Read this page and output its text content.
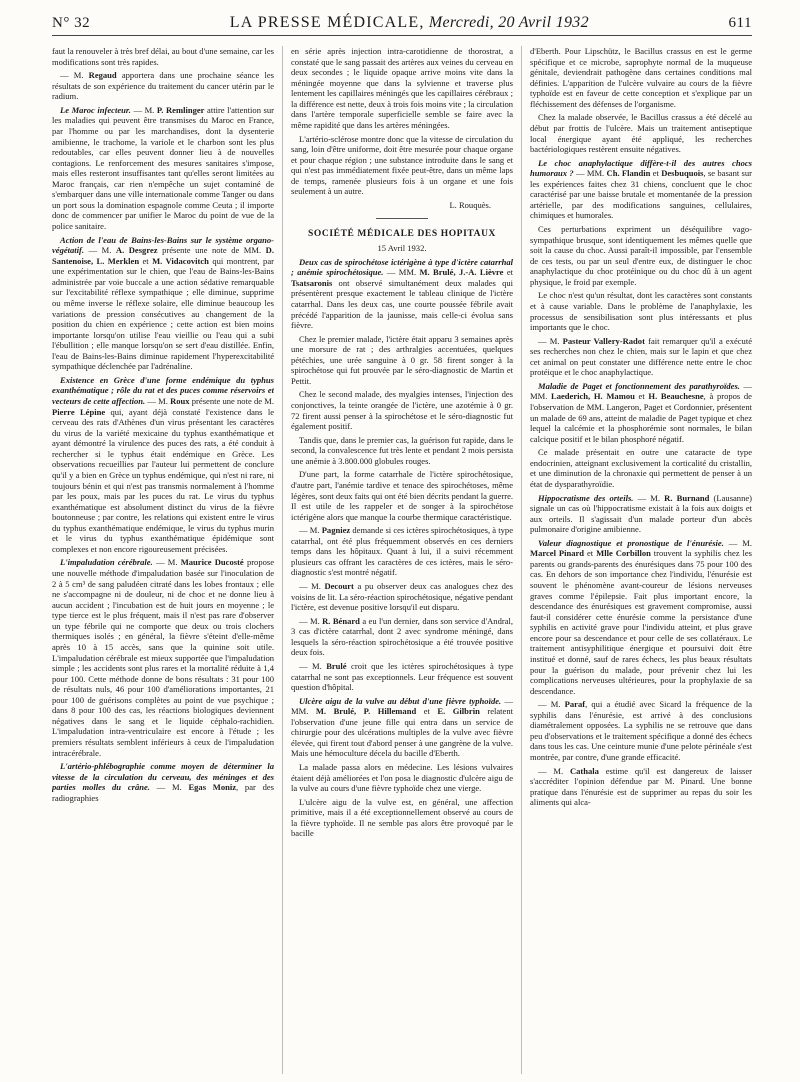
N° 32	LA PRESSE MÉDICALE, Mercredi, 20 Avril 1932	611

faut la renouveler à très bref délai, au bout d'une semaine, car les modifications sont très rapides.

— M. Regaud apportera dans une prochaine séance les résultats de son expérience du traitement du cancer utérin par le radium.

Le Maroc infecteur. — M. P. Remlinger attire l'attention sur les maladies qui peuvent être transmises du Maroc en France, par l'homme ou par les marchandises, dont la dysenterie amibienne, le trachome, la variole et le charbon sont les plus redoutables, car elles peuvent donner lieu à de nouvelles contagions. Le renforcement des mesures sanitaires s'impose, mais elles resteront insuffisantes tant qu'elles seront limitées au Maroc français, car rien n'empêche un sujet contaminé de s'embarquer dans une ville internationale comme Tanger ou dans un port sous la domination espagnole comme Ceuta ; il importe donc de commencer par unifier le Maroc du point de vue de la police sanitaire.

Action de l'eau de Bains-les-Bains sur le système organo-végétatif. — M. A. Desgrez présente une note de MM. D. Santenoise, L. Merklen et M. Vidacovitch qui montrent, par une expérimentation sur le chien, que l'eau de Bains-les-Bains administrée par voie buccale a une action sédative remarquable sur l'excitabilité réflexe sympathique ; elle diminue, supprime ou même inverse le réflexe solaire, elle diminue beaucoup les variations de pression consécutives au changement de la position du chien en expérience ; cette action est bien moins importante lorsqu'on utilise l'eau vieillie ou l'eau qui a subi l'ébullition ; elle manque lorsqu'on se sert d'eau distillée. Enfin, l'eau de Bains-les-Bains diminue rapidement l'hyperexcitabilité sympathique déclenchée par l'adrénaline.

Existence en Grèce d'une forme endémique du typhus exanthématique ; rôle du rat et des puces comme réservoirs et vecteurs de cette affection. — M. Roux présente une note de M. Pierre Lépine qui, ayant déjà constaté l'existence dans le cerveau des rats d'Athènes d'un virus présentant les caractères du virus de la variété mexicaine du typhus exanthématique et ayant démontré la virulence des puces des rats, a été conduit à rechercher si le typhus était endémique en Grèce. Les observations recueillies par l'auteur lui permettent de conclure qu'il y a bien en Grèce un typhus endémique, qui n'est ni rare, ni toujours bénin et qui n'est pas transmis normalement à l'homme par les poux, mais par les puces du rat. Le virus du typhus exanthématique est absolument distinct du virus de la fièvre boutonneuse ; par contre, les relations qui existent entre le virus du typhus exanthématique endémique, le virus du typhus murin et le virus du typhus exanthématique épidémique sont complexes et non encore rigoureusement précisées.

L'impaludation cérébrale. — M. Maurice Ducosté propose une nouvelle méthode d'impaludation basée sur l'inoculation de 2 à 5 cm³ de sang paludéen citraté dans les lobes frontaux ; elle ne s'accompagne ni de douleur, ni de choc et ne donne lieu à aucun accident ; l'incubation est de huit jours en moyenne ; le type tierce est le plus fréquent, mais il n'est pas rare d'observer un type fébrile qui ne comporte que deux ou trois clochers thermiques isolés ; en général, la fièvre s'éteint d'elle-même après 10 à 15 accès, sans que la quinine soit utile. L'impaludation cérébrale est mieux supportée que l'impaludation simple ; les accidents sont plus rares et la mortalité réduite à 1,4 pour 100. Cette méthode donne de bons résultats : 31 pour 100 de résultats nuls, 46 pour 100 d'améliorations importantes, 21 pour 100 de guérisons complètes au point de vue psychique ; dans 8 pour 100 des cas, les réactions biologiques deviennent négatives dans le sang et le liquide céphalo-rachidien. L'impaludation intra-ventriculaire est encore à l'étude ; les premiers résultats semblent inférieurs à ceux de l'impaludation intracérébrale.

L'artério-phlébographie comme moyen de déterminer la vitesse de la circulation du cerveau, des méninges et des parties molles du crâne. — M. Egas Moniz, par des radiographies

en série après injection intra-carotidienne de thorostrat, a constaté que le sang passait des artères aux veines du cerveau en deux secondes ; le liquide opaque arrive moins vite dans la méningée moyenne que dans la sylvienne et traverse plus lentement les capillaires méningés que les capillaires cérébraux ; la différence est nette, deux à trois fois moins vite ; la circulation dans l'artère temporale superficielle semble se faire avec la même rapidité que dans les artères méningées.

L'artério-sclérose montre donc que la vitesse de circulation du sang, loin d'être uniforme, doit être mesurée pour chaque organe et pour chaque région ; une substance introduite dans le sang et qui n'est pas immédiatement fixée peut-être, dans un même laps de temps, ramenée plusieurs fois à un organe et une fois seulement à un autre.

L. Rouquès.

SOCIÉTÉ MÉDICALE DES HOPITAUX

15 Avril 1932.

Deux cas de spirochétose ictérigène à type d'ictère catarrhal ; anémie spirochétosique. — MM. M. Brulé, J.-A. Lièvre et Tsatsaronis ont observé simultanément deux malades qui présentèrent presque exactement le tableau clinique de l'ictère catarrhal. Dans les deux cas, une courte poussée fébrile avait précédé l'apparition de la jaunisse, mais celle-ci évolua sans fièvre.

Chez le premier malade, l'ictère était apparu 3 semaines après une morsure de rat ; des arthralgies accentuées, quelques pétéchies, une urée sanguine à 0 gr. 58 firent songer à la spirochétose qui fut prouvée par le séro-diagnostic de Martin et Pettit.

Chez le second malade, des myalgies intenses, l'injection des conjonctives, la teinte orangée de l'ictère, une azotémie à 0 gr. 72 firent aussi penser à la spirochétose et le séro-diagnostic fut également positif.

Tandis que, dans le premier cas, la guérison fut rapide, dans le second, la convalescence fut très lente et pendant 2 mois persista une anémie à 3.800.000 globules rouges.

D'une part, la forme catarrhale de l'ictère spirochétosique, d'autre part, l'anémie tardive et tenace des spirochétoses, même légères, sont deux faits qui ont été bien décrits pendant la guerre. Il est utile de les rappeler et de songer à la spirochétose ictérigène alors que manque la courbe thermique caractéristique.

— M. Pagniez demande si ces ictères spirochétosiques, à type catarrhal, ont été plus fréquemment observés en ces derniers temps dans les hôpitaux. Quant à lui, il a suivi récemment plusieurs cas offrant les caractères de ces ictères, mais le séro-diagnostic s'est montré négatif.

— M. Decourt a pu observer deux cas analogues chez des voisins de lit. La séro-réaction spirochétosique, négative pendant l'ictère, est devenue positive lorsqu'il eut disparu.

— M. R. Bénard a eu l'un dernier, dans son service d'Andral, 3 cas d'ictère catarrhal, dont 2 avec syndrome méningé, dans lesquels la séro-réaction spirochétosique a été trouvée positive deux fois.

— M. Brulé croit que les ictères spirochétosiques à type catarrhal ne sont pas exceptionnels. Leur fréquence est souvent question d'hôpital.

Ulcère aigu de la vulve au début d'une fièvre typhoïde. — MM. M. Brulé, P. Hillemand et E. Gilbrin relatent l'observation d'une jeune fille qui entra dans un service de chirurgie pour des ulcérations multiples de la vulve avec fièvre élevée, qui firent tout d'abord penser à une gangrène de la vulve. Mais une hémoculture décela du bacille d'Eberth.

La malade passa alors en médecine. Les lésions vulvaires étaient déjà améliorées et l'on posa le diagnostic d'ulcère aigu de la vulve au cours d'une fièvre typhoïde chez une vierge.

L'ulcère aigu de la vulve est, en général, une affection primitive, mais il a été exceptionnellement observé au cours de la fièvre typhoïde. Il ne semble pas alors être provoqué par le bacille

d'Eberth. Pour Lipschütz, le Bacillus crassus en est le germe spécifique et ce microbe, saprophyte normal de la muqueuse génitale, deviendrait pathogène dans certaines conditions mal définies. L'apparition de l'ulcère vulvaire au cours de la fièvre typhoïde est en faveur de cette conception et s'explique par un fléchissement des défenses de l'organisme.

Chez la malade observée, le Bacillus crassus a été décelé au début par frottis de l'ulcère. Mais un traitement antiseptique local énergique ayant été appliqué, les recherches bactériologiques restèrent ensuite négatives.

Le choc anaphylactique diffère-t-il des autres chocs humoraux ? — MM. Ch. Flandin et Desbuquois, se basant sur les expériences faites chez 31 chiens, concluent que le choc caractérisé par une baisse brutale et momentanée de la pression artérielle, par des modifications sanguines, cellulaires, chimiques et humorales.

Ces perturbations expriment un déséquilibre vago-sympathique brusque, sont identiquement les mêmes quelle que soit la cause du choc. Aussi paraît-il impossible, par l'ensemble de ces tests, ou par un seul d'entre eux, de distinguer le choc anaphylactique du choc protéinique ou du choc dû à un agent physique, le froid par exemple.

Le choc n'est qu'un résultat, dont les caractères sont constants et à cause variable. Dans le problème de l'anaphylaxie, les processus de sensibilisation sont plus intéressants et plus importants que le choc.

— M. Pasteur Vallery-Radot fait remarquer qu'il a exécuté ses recherches non chez le chien, mais sur le lapin et que chez cet animal on peut constater une différence nette entre le choc protéique et le choc anaphylactique.

Maladie de Paget et fonctionnement des parathyroïdes. — MM. Laederich, H. Mamou et H. Beauchesne, à propos de l'observation de MM. Langeron, Paget et Cordonnier, présentent un malade de 69 ans, atteint de maladie de Paget typique et chez lequel la calcémie et la phosphorémie sont normales, le bilan calcique positif et le bilan phosphoré négatif.

Ce malade présentait en outre une cataracte de type endocrinien, atteignant exclusivement la corticalité du cristallin, et une diminution de la chronaxie qui permettent de penser à un état de dysparathyroïdie.

Hippocratisme des orteils. — M. R. Burnand (Lausanne) signale un cas où l'hippocratisme existait à la fois aux doigts et aux orteils. Il s'agissait d'un malade porteur d'un abcès pulmonaire d'origine amibienne.

Valeur diagnostique et pronostique de l'énurésie. — M. Marcel Pinard et Mlle Corbillon trouvent la syphilis chez les parents ou grands-parents des énurésiques dans 75 pour 100 des cas. En dehors de son importance chez l'individu, l'énurésie est souvent le phénomène avant-coureur de lésions nerveuses graves comme l'épilepsie. Fait plus important encore, la descendance des énurésiques est gravement compromise, aussi faut-il considérer cette énurésie comme la persistance d'une syphilis en activité grave pour l'individu atteint, et plus grave encore pour sa descendance et pour celle de ses collatéraux. Le traitement antisyphilitique énergique et poursuivi doit être institué et donné, sauf de rares échecs, les plus beaux résultats pour la guérison du malade, pour prévenir chez lui les complications nerveuses ultérieures, pour la prophylaxie de sa descendance.

— M. Paraf, qui a étudié avec Sicard la fréquence de la syphilis dans l'énurésie, est arrivé à des conclusions diamétralement opposées. La syphilis ne se retrouve que dans peu d'observations et le traitement spécifique a donné des échecs dans tous les cas. Une ceinture munie d'une pelote périnéale s'est montrée, par contre, d'une grande efficacité.

— M. Cathala estime qu'il est dangereux de laisser s'accréditer l'opinion défendue par M. Pinard. Une bonne pratique dans l'énurésie est de supprimer au repas du soir les aliments qui alca-
